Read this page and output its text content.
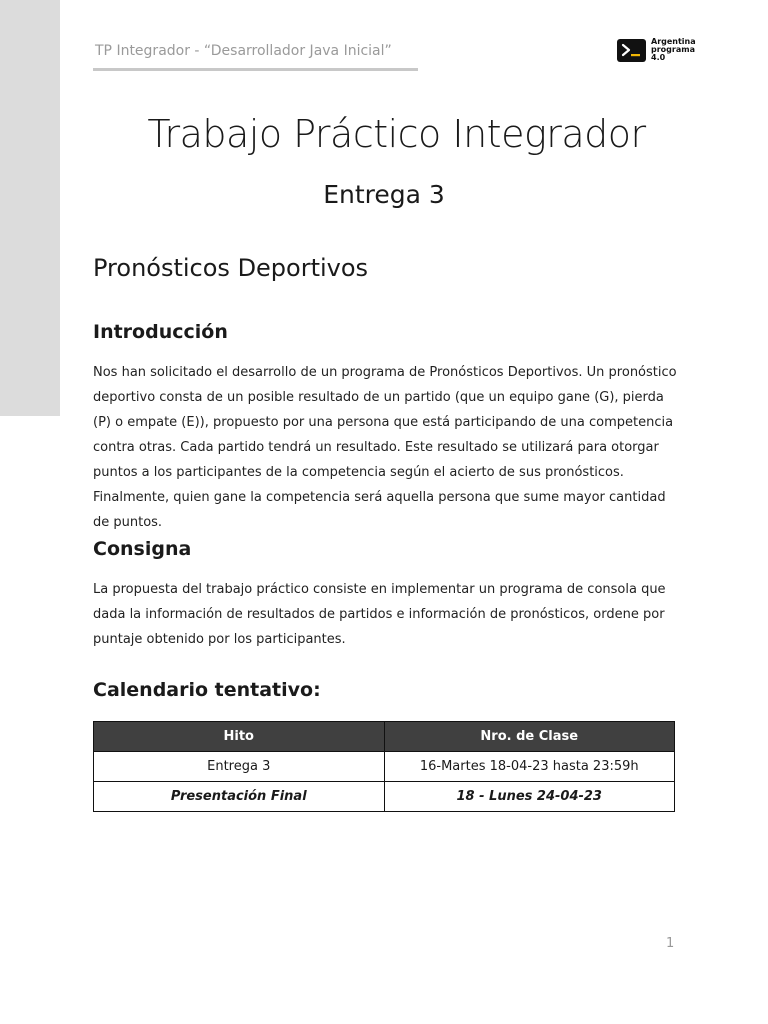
TP Integrador - “Desarrollador Java Inicial”
Argentina
programa
4.0
Trabajo Práctico Integrador
Entrega 3
Pronósticos Deportivos
Introducción
Nos han solicitado el desarrollo de un programa de Pronósticos Deportivos. Un pronóstico deportivo consta de un posible resultado de un partido (que un equipo gane (G), pierda (P) o empate (E)), propuesto por una persona que está participando de una competencia contra otras. Cada partido tendrá un resultado. Este resultado se utilizará para otorgar puntos a los participantes de la competencia según el acierto de sus pronósticos. Finalmente, quien gane la competencia será aquella persona que sume mayor cantidad de puntos.
Consigna
La propuesta del trabajo práctico consiste en implementar un programa de consola que dada la información de resultados de partidos e información de pronósticos, ordene por puntaje obtenido por los participantes.
Calendario tentativo:
Hito	Nro. de Clase
Entrega 3	16-Martes 18-04-23 hasta 23:59h
Presentación Final	18 - Lunes 24-04-23
1
